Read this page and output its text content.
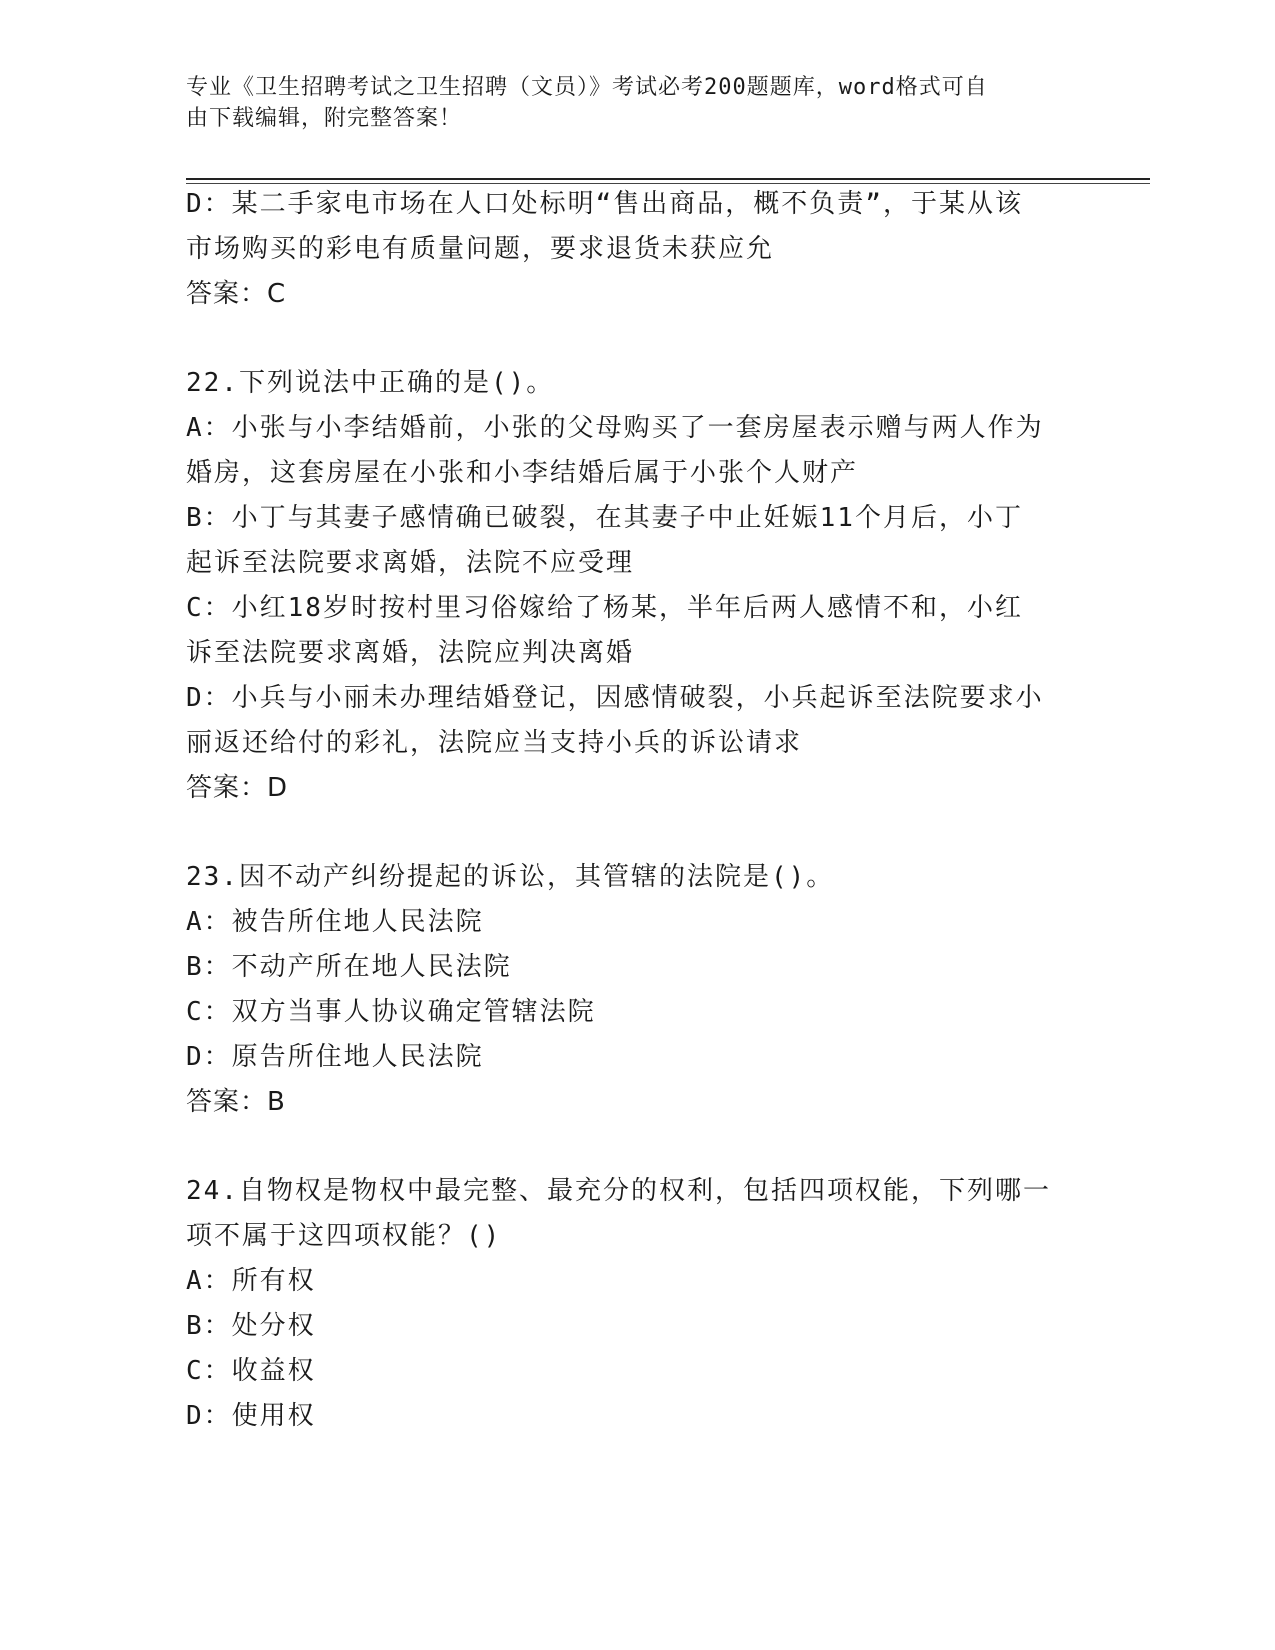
专业《卫生招聘考试之卫生招聘（文员）》考试必考200题题库，word格式可自
由下载编辑，附完整答案！
D：某二手家电市场在人口处标明“售出商品，概不负责”，于某从该
市场购买的彩电有质量问题，要求退货未获应允
答案：C
22.下列说法中正确的是()。
A：小张与小李结婚前，小张的父母购买了一套房屋表示赠与两人作为
婚房，这套房屋在小张和小李结婚后属于小张个人财产
B：小丁与其妻子感情确已破裂，在其妻子中止妊娠11个月后，小丁
起诉至法院要求离婚，法院不应受理
C：小红18岁时按村里习俗嫁给了杨某，半年后两人感情不和，小红
诉至法院要求离婚，法院应判决离婚
D：小兵与小丽未办理结婚登记，因感情破裂，小兵起诉至法院要求小
丽返还给付的彩礼，法院应当支持小兵的诉讼请求
答案：D
23.因不动产纠纷提起的诉讼，其管辖的法院是()。
A：被告所住地人民法院
B：不动产所在地人民法院
C：双方当事人协议确定管辖法院
D：原告所住地人民法院
答案：B
24.自物权是物权中最完整、最充分的权利，包括四项权能，下列哪一
项不属于这四项权能？()
A：所有权
B：处分权
C：收益权
D：使用权
